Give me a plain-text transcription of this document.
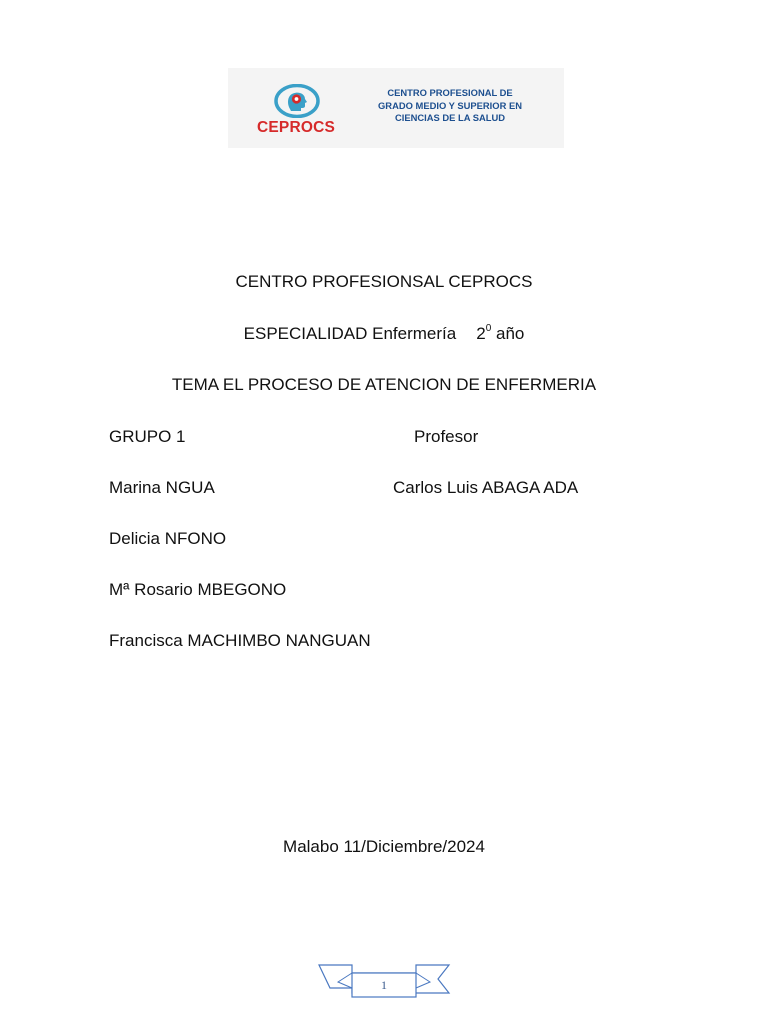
CEPROCS
CENTRO PROFESIONAL DE
GRADO MEDIO Y SUPERIOR EN
CIENCIAS DE LA SALUD
CENTRO PROFESIONSAL CEPROCS
ESPECIALIDAD Enfermería $2^0$ año
TEMA EL PROCESO DE ATENCION DE ENFERMERIA
GRUPO 1	Profesor
Marina NGUA	Carlos Luis ABAGA ADA
Delicia NFONO
Mª Rosario MBEGONO
Francisca MACHIMBO NANGUAN
Malabo 11/Diciembre/2024
1
